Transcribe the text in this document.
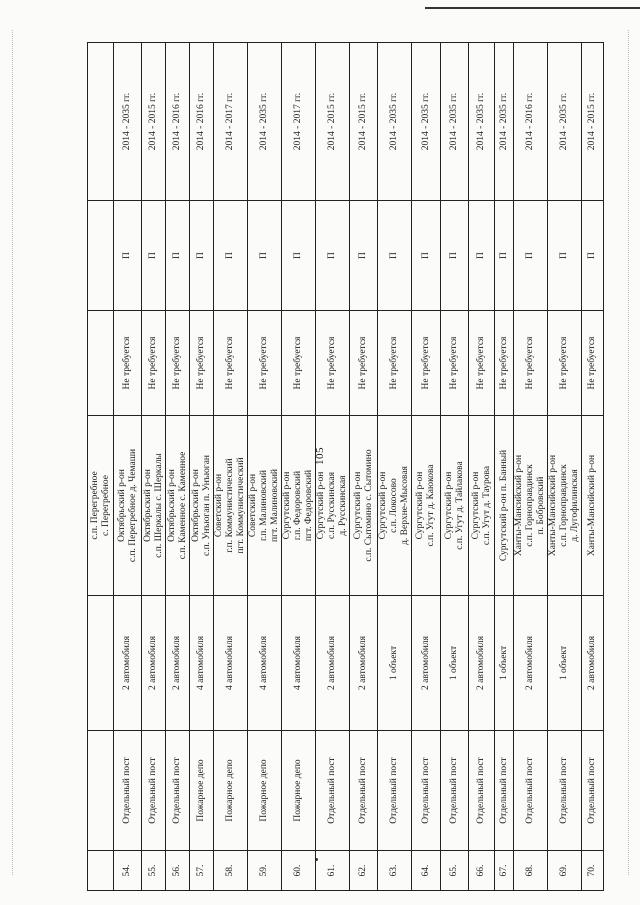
105

			с.п. Перегребное с. Перегребное			

54.	Отдельный пост	2 автомобиля	Октябрьский р-он с.п. Перегребное д. Чемаши	Не требуется	П	2014 - 2035 гг.
55.	Отдельный пост	2 автомобиля	Октябрьский р-он с.п. Шеркалы с. Шеркалы	Не требуется	П	2014 - 2015 гг.
56.	Отдельный пост	2 автомобиля	Октябрьский р-он с.п. Каменное с. Каменное	Не требуется	П	2014 - 2016 гг.
57.	Пожарное депо	4 автомобиля	Октябрьский р-он с.п. Унъюган п. Унъюган	Не требуется	П	2014 - 2016 гг.
58.	Пожарное депо	4 автомобиля	Советский р-он г.п. Коммунистический пгт. Коммунистический	Не требуется	П	2014 - 2017 гг.
59.	Пожарное депо	4 автомобиля	Советский р-он г.п. Малиновский пгт. Малиновский	Не требуется	П	2014 - 2035 гг.
60.	Пожарное депо	4 автомобиля	Сургутский р-он г.п. Федоровский пгт. Федоровский	Не требуется	П	2014 - 2017 гг.
61.	Отдельный пост	2 автомобиля	Сургутский р-он с.п. Русскинская д. Русскинская	Не требуется	П	2014 - 2015 гг.
62.	Отдельный пост	2 автомобиля	Сургутский р-он с.п. Сытомино с. Сытомино	Не требуется	П	2014 - 2015 гг.
63.	Отдельный пост	1 объект	Сургутский р-он с.п. Локосово д. Верхне-Мысовая	Не требуется	П	2014 - 2035 гг.
64.	Отдельный пост	2 автомобиля	Сургутский р-он с.п. Угут д. Каюкова	Не требуется	П	2014 - 2035 гг.
65.	Отдельный пост	1 объект	Сургутский р-он с.п. Угут д. Тайлакова	Не требуется	П	2014 - 2035 гг.
66.	Отдельный пост	2 автомобиля	Сургутский р-он с.п. Угут д. Таурова	Не требуется	П	2014 - 2035 гг.
67.	Отдельный пост	1 объект	Сургутский р-он п. Банный	Не требуется	П	2014 - 2035 гг.
68.	Отдельный пост	2 автомобиля	Ханты-Мансийский р-он с.п. Горноправдинск п. Бобровский	Не требуется	П	2014 - 2016 гг.
69.	Отдельный пост	1 объект	Ханты-Мансийский р-он с.п. Горноправдинск д. Лугофилинская	Не требуется	П	2014 - 2035 гг.
70.	Отдельный пост	2 автомобиля	Ханты-Мансийский р-он	Не требуется	П	2014 - 2015 гг.
